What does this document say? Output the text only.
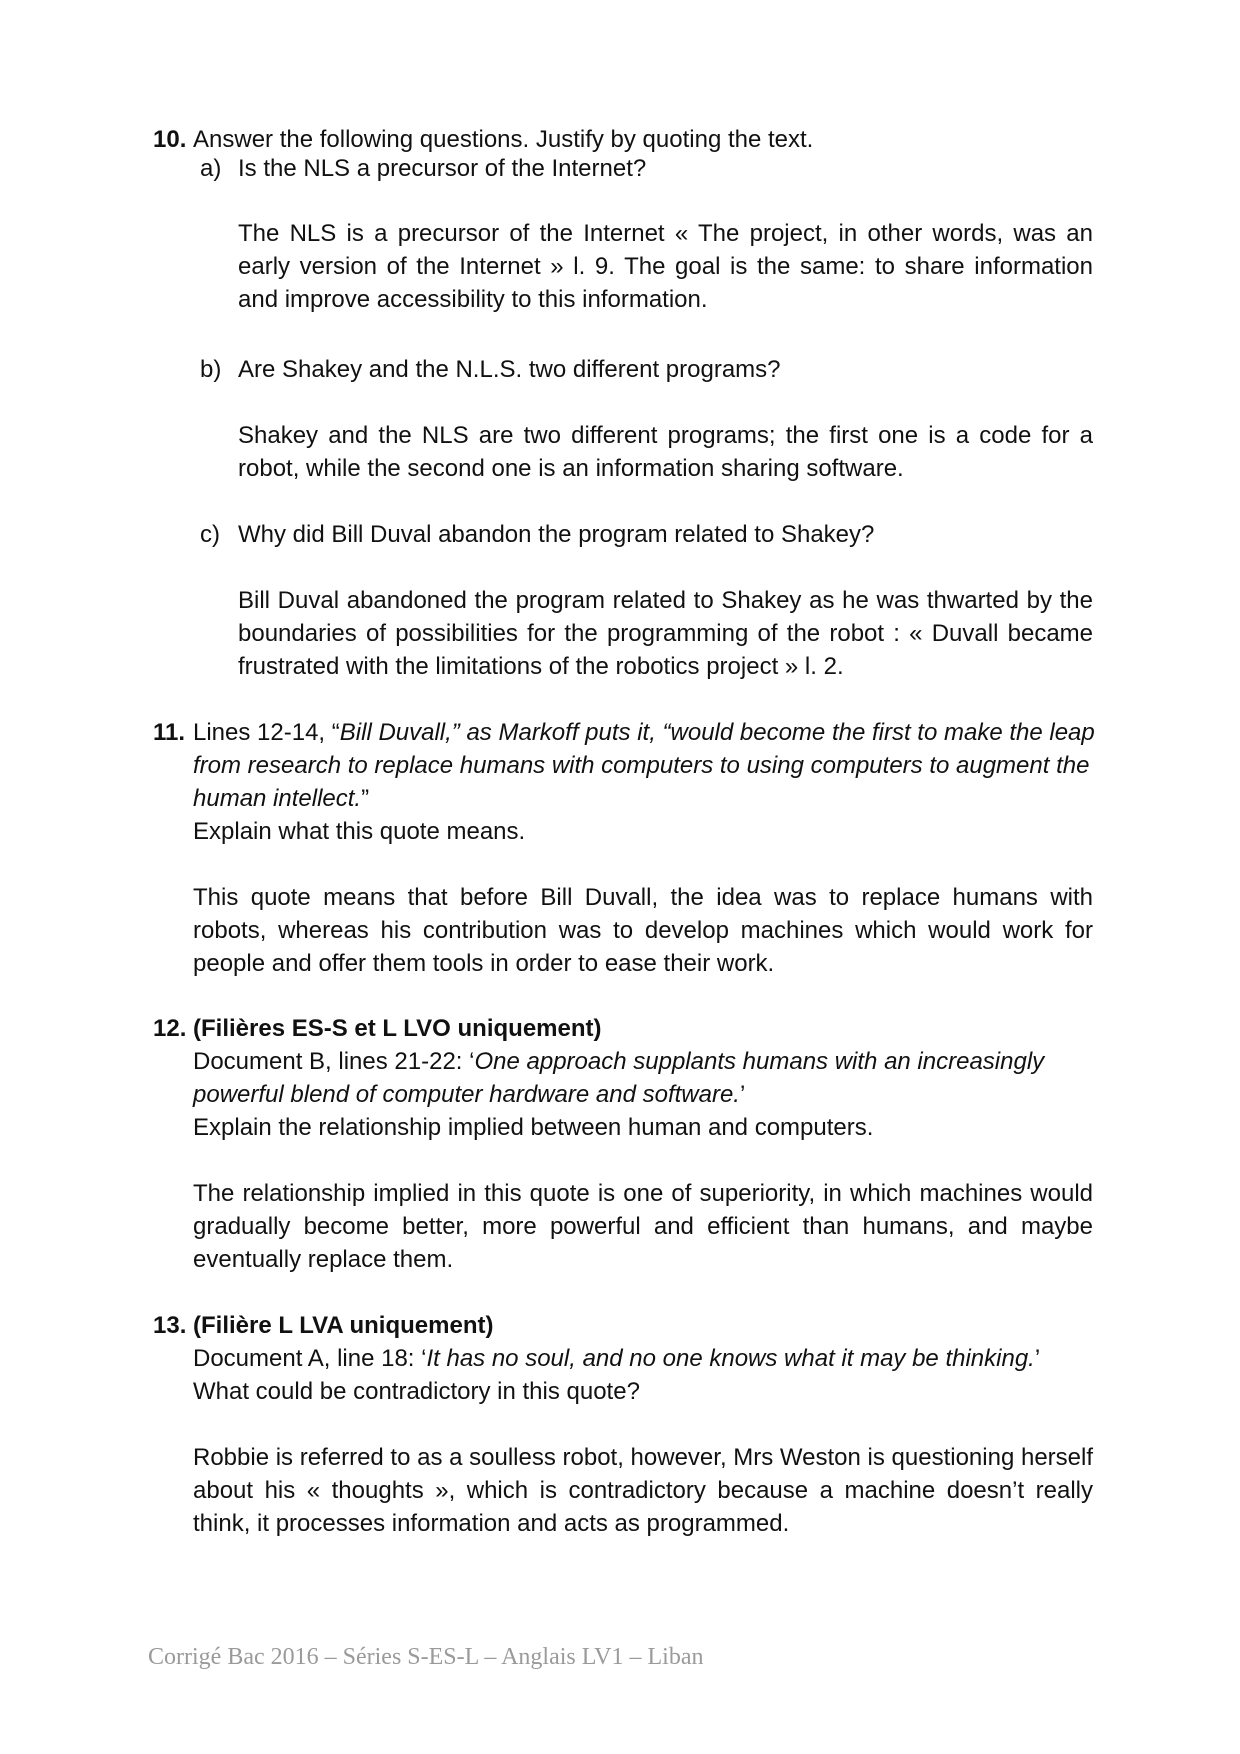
10. Answer the following questions. Justify by quoting the text.
a) Is the NLS a precursor of the Internet?
The NLS is a precursor of the Internet « The project, in other words, was an early version of the Internet » l. 9. The goal is the same: to share information and improve accessibility to this information.
b) Are Shakey and the N.L.S. two different programs?
Shakey and the NLS are two different programs; the first one is a code for a robot, while the second one is an information sharing software.
c) Why did Bill Duval abandon the program related to Shakey?
Bill Duval abandoned the program related to Shakey as he was thwarted by the boundaries of possibilities for the programming of the robot : « Duvall became frustrated with the limitations of the robotics project » l. 2.
11. Lines 12-14, “Bill Duvall,” as Markoff puts it, “would become the first to make the leap from research to replace humans with computers to using computers to augment the human intellect.”
Explain what this quote means.
This quote means that before Bill Duvall, the idea was to replace humans with robots, whereas his contribution was to develop machines which would work for people and offer them tools in order to ease their work.
12. (Filières ES-S et L LVO uniquement)
Document B, lines 21-22: ‘One approach supplants humans with an increasingly powerful blend of computer hardware and software.’
Explain the relationship implied between human and computers.
The relationship implied in this quote is one of superiority, in which machines would gradually become better, more powerful and efficient than humans, and maybe eventually replace them.
13. (Filière L LVA uniquement)
Document A, line 18: ‘It has no soul, and no one knows what it may be thinking.’
What could be contradictory in this quote?
Robbie is referred to as a soulless robot, however, Mrs Weston is questioning herself about his « thoughts », which is contradictory because a machine doesn’t really think, it processes information and acts as programmed.
Corrigé Bac 2016 – Séries S-ES-L – Anglais LV1 – Liban
